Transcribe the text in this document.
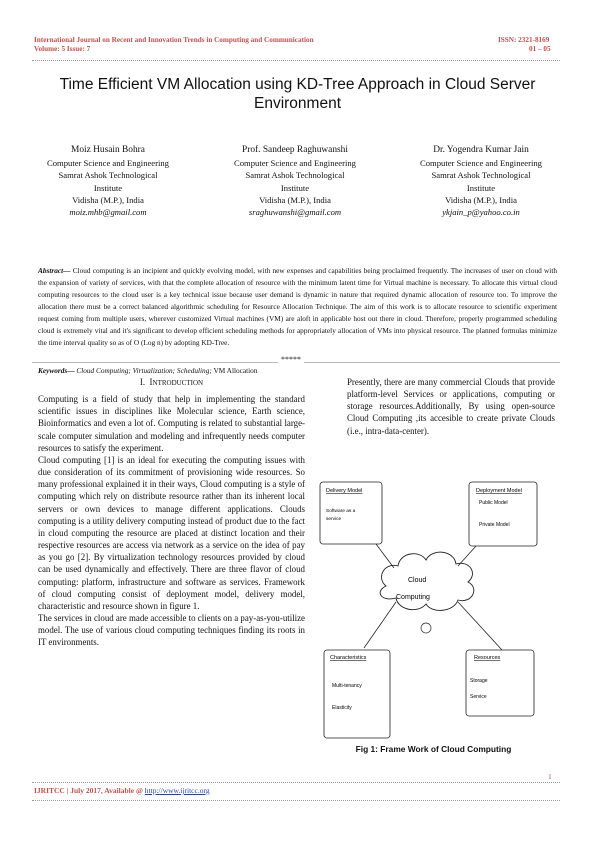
International Journal on Recent and Innovation Trends in Computing and Communication
Volume: 5 Issue: 7
ISSN: 2321-8169
01 – 05
Time Efficient VM Allocation using KD-Tree Approach in Cloud Server
Environment
Moiz Husain Bohra
Computer Science and Engineering
Samrat Ashok Technological
Institute
Vidisha (M.P.), India
moiz.mhb@gmail.com
Prof. Sandeep Raghuwanshi
Computer Science and Engineering
Samrat Ashok Technological
Institute
Vidisha (M.P.), India
sraghuwanshi@gmail.com
Dr. Yogendra Kumar Jain
Computer Science and Engineering
Samrat Ashok Technological
Institute
Vidisha (M.P.), India
ykjain_p@yahoo.co.in
Abstract— Cloud computing is an incipient and quickly evolving model, with new expenses and capabilities being proclaimed frequently. The increases of user on cloud with the expansion of variety of services, with that the complete allocation of resource with the minimum latent time for Virtual machine is necessary. To allocate this virtual cloud computing resources to the cloud user is a key technical issue because user demand is dynamic in nature that required dynamic allocation of resource too. To improve the allocation there must be a correct balanced algorithmic scheduling for Resource Allocation Technique. The aim of this work is to allocate resource to scientific experiment request coming from multiple users, wherever customized Virtual machines (VM) are aloft in applicable host out there in cloud. Therefore, properly programmed scheduling cloud is extremely vital and it's significant to develop efficient scheduling methods for appropriately allocation of VMs into physical resource. The planned formulas minimize the time interval quality so as of O (Log n) by adopting KD-Tree.
Keywords— Cloud Computing; Virtualization; Scheduling; VM Allocation
*****
I. INTRODUCTION
Computing is a field of study that help in implementing the standard scientific issues in disciplines like Molecular science, Earth science, Bioinformatics and even a lot of. Computing is related to substantial large-scale computer simulation and modeling and infrequently needs computer resources to satisfy the experiment.
Cloud computing [1] is an ideal for executing the computing issues with due consideration of its commitment of provisioning wide resources. So many professional explained it in their ways, Cloud computing is a style of computing which rely on distribute resource rather than its inherent local servers or own devices to manage different applications. Clouds computing is a utility delivery computing instead of product due to the fact in cloud computing the resource are placed at distinct location and their respective resources are access via network as a service on the idea of pay as you go [2]. By virtualization technology resources provided by cloud can be used dynamically and effectively. There are three flavor of cloud computing: platform, infrastructure and software as services. Framework of cloud computing consist of deployment model, delivery model, characteristic and resource shown in figure 1.
The services in cloud are made accessible to clients on a pay-as-you-utilize model. The use of various cloud computing techniques finding its roots in IT environments.
Presently, there are many commercial Clouds that provide platform-level Services or applications, computing or storage resources.Additionally, By using open-source Cloud Computing ,its accesible to create private Clouds (i.e., intra-data-center).
Delivery Model
Software as a
service
Deployment Model
Public Model
Private Model
Cloud
Computing
Characteristics
Multi-tenancy
Elasticity
Resources
Storage
Service
Fig 1: Frame Work of Cloud Computing
1
IJRITCC | July 2017, Available @ http://www.ijritcc.org
